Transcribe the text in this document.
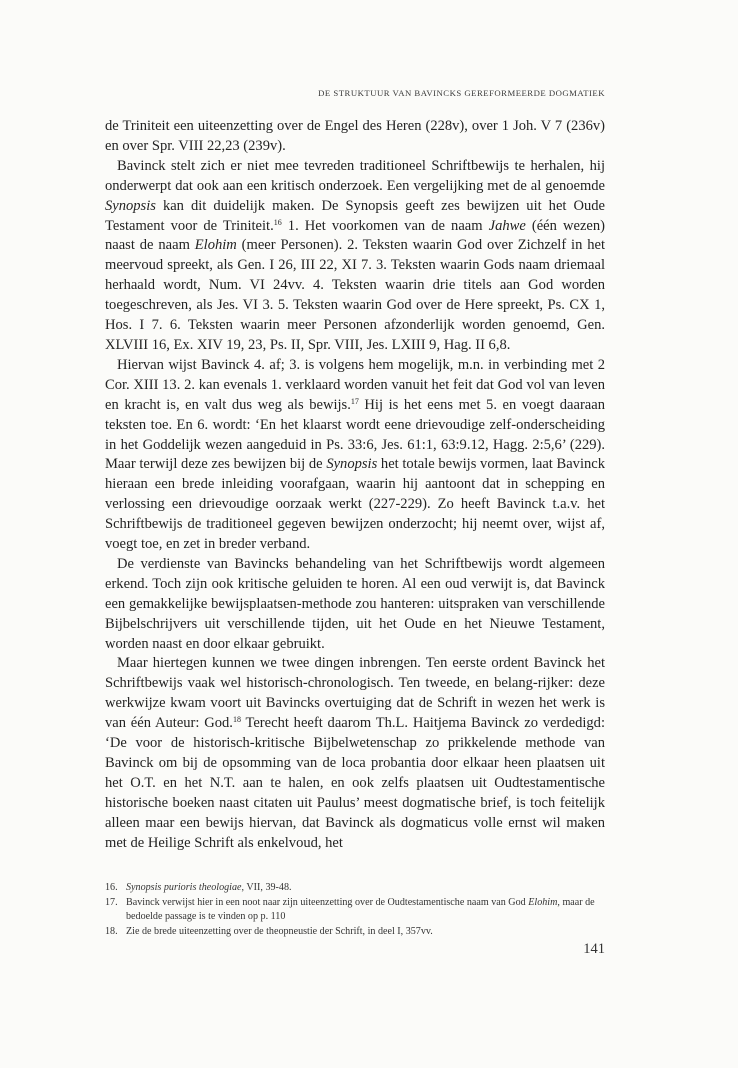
DE STRUKTUUR VAN BAVINCKS GEREFORMEERDE DOGMATIEK

de Triniteit een uiteenzetting over de Engel des Heren (228v), over 1 Joh. V 7 (236v) en over Spr. VIII 22,23 (239v).

Bavinck stelt zich er niet mee tevreden traditioneel Schriftbewijs te herhalen, hij onderwerpt dat ook aan een kritisch onderzoek. Een vergelijking met de al genoemde Synopsis kan dit duidelijk maken. De Synopsis geeft zes bewijzen uit het Oude Testament voor de Triniteit.$^{16}$ 1. Het voorkomen van de naam Jahwe (één wezen) naast de naam Elohim (meer Personen). 2. Teksten waarin God over Zichzelf in het meervoud spreekt, als Gen. I 26, III 22, XI 7. 3. Teksten waarin Gods naam driemaal herhaald wordt, Num. VI 24vv. 4. Teksten waarin drie titels aan God worden toegeschreven, als Jes. VI 3. 5. Teksten waarin God over de Here spreekt, Ps. CX 1, Hos. I 7. 6. Teksten waarin meer Personen afzonderlijk worden genoemd, Gen. XLVIII 16, Ex. XIV 19, 23, Ps. II, Spr. VIII, Jes. LXIII 9, Hag. II 6,8.

Hiervan wijst Bavinck 4. af; 3. is volgens hem mogelijk, m.n. in verbinding met 2 Cor. XIII 13. 2. kan evenals 1. verklaard worden vanuit het feit dat God vol van leven en kracht is, en valt dus weg als bewijs.$^{17}$ Hij is het eens met 5. en voegt daaraan teksten toe. En 6. wordt: ‘En het klaarst wordt eene drievoudige zelf-onderscheiding in het Goddelijk wezen aangeduid in Ps. 33:6, Jes. 61:1, 63:9.12, Hagg. 2:5,6’ (229). Maar terwijl deze zes bewijzen bij de Synopsis het totale bewijs vormen, laat Bavinck hieraan een brede inleiding voorafgaan, waarin hij aantoont dat in schepping en verlossing een drievoudige oorzaak werkt (227-229). Zo heeft Bavinck t.a.v. het Schriftbewijs de traditioneel gegeven bewijzen onderzocht; hij neemt over, wijst af, voegt toe, en zet in breder verband.

De verdienste van Bavincks behandeling van het Schriftbewijs wordt algemeen erkend. Toch zijn ook kritische geluiden te horen. Al een oud verwijt is, dat Bavinck een gemakkelijke bewijsplaatsen-methode zou hanteren: uitspraken van verschillende Bijbelschrijvers uit verschillende tijden, uit het Oude en het Nieuwe Testament, worden naast en door elkaar gebruikt.

Maar hiertegen kunnen we twee dingen inbrengen. Ten eerste ordent Bavinck het Schriftbewijs vaak wel historisch-chronologisch. Ten tweede, en belang-rijker: deze werkwijze kwam voort uit Bavincks overtuiging dat de Schrift in wezen het werk is van één Auteur: God.$^{18}$ Terecht heeft daarom Th.L. Haitjema Bavinck zo verdedigd: ‘De voor de historisch-kritische Bijbelwetenschap zo prikkelende methode van Bavinck om bij de opsomming van de loca probantia door elkaar heen plaatsen uit het O.T. en het N.T. aan te halen, en ook zelfs plaatsen uit Oudtestamentische historische boeken naast citaten uit Paulus’ meest dogmatische brief, is toch feitelijk alleen maar een bewijs hiervan, dat Bavinck als dogmaticus volle ernst wil maken met de Heilige Schrift als enkelvoud, het

16. Synopsis purioris theologiae, VII, 39-48.
17. Bavinck verwijst hier in een noot naar zijn uiteenzetting over de Oudtestamentische naam van God Elohim, maar de bedoelde passage is te vinden op p. 110
18. Zie de brede uiteenzetting over de theopneustie der Schrift, in deel I, 357vv.
141
